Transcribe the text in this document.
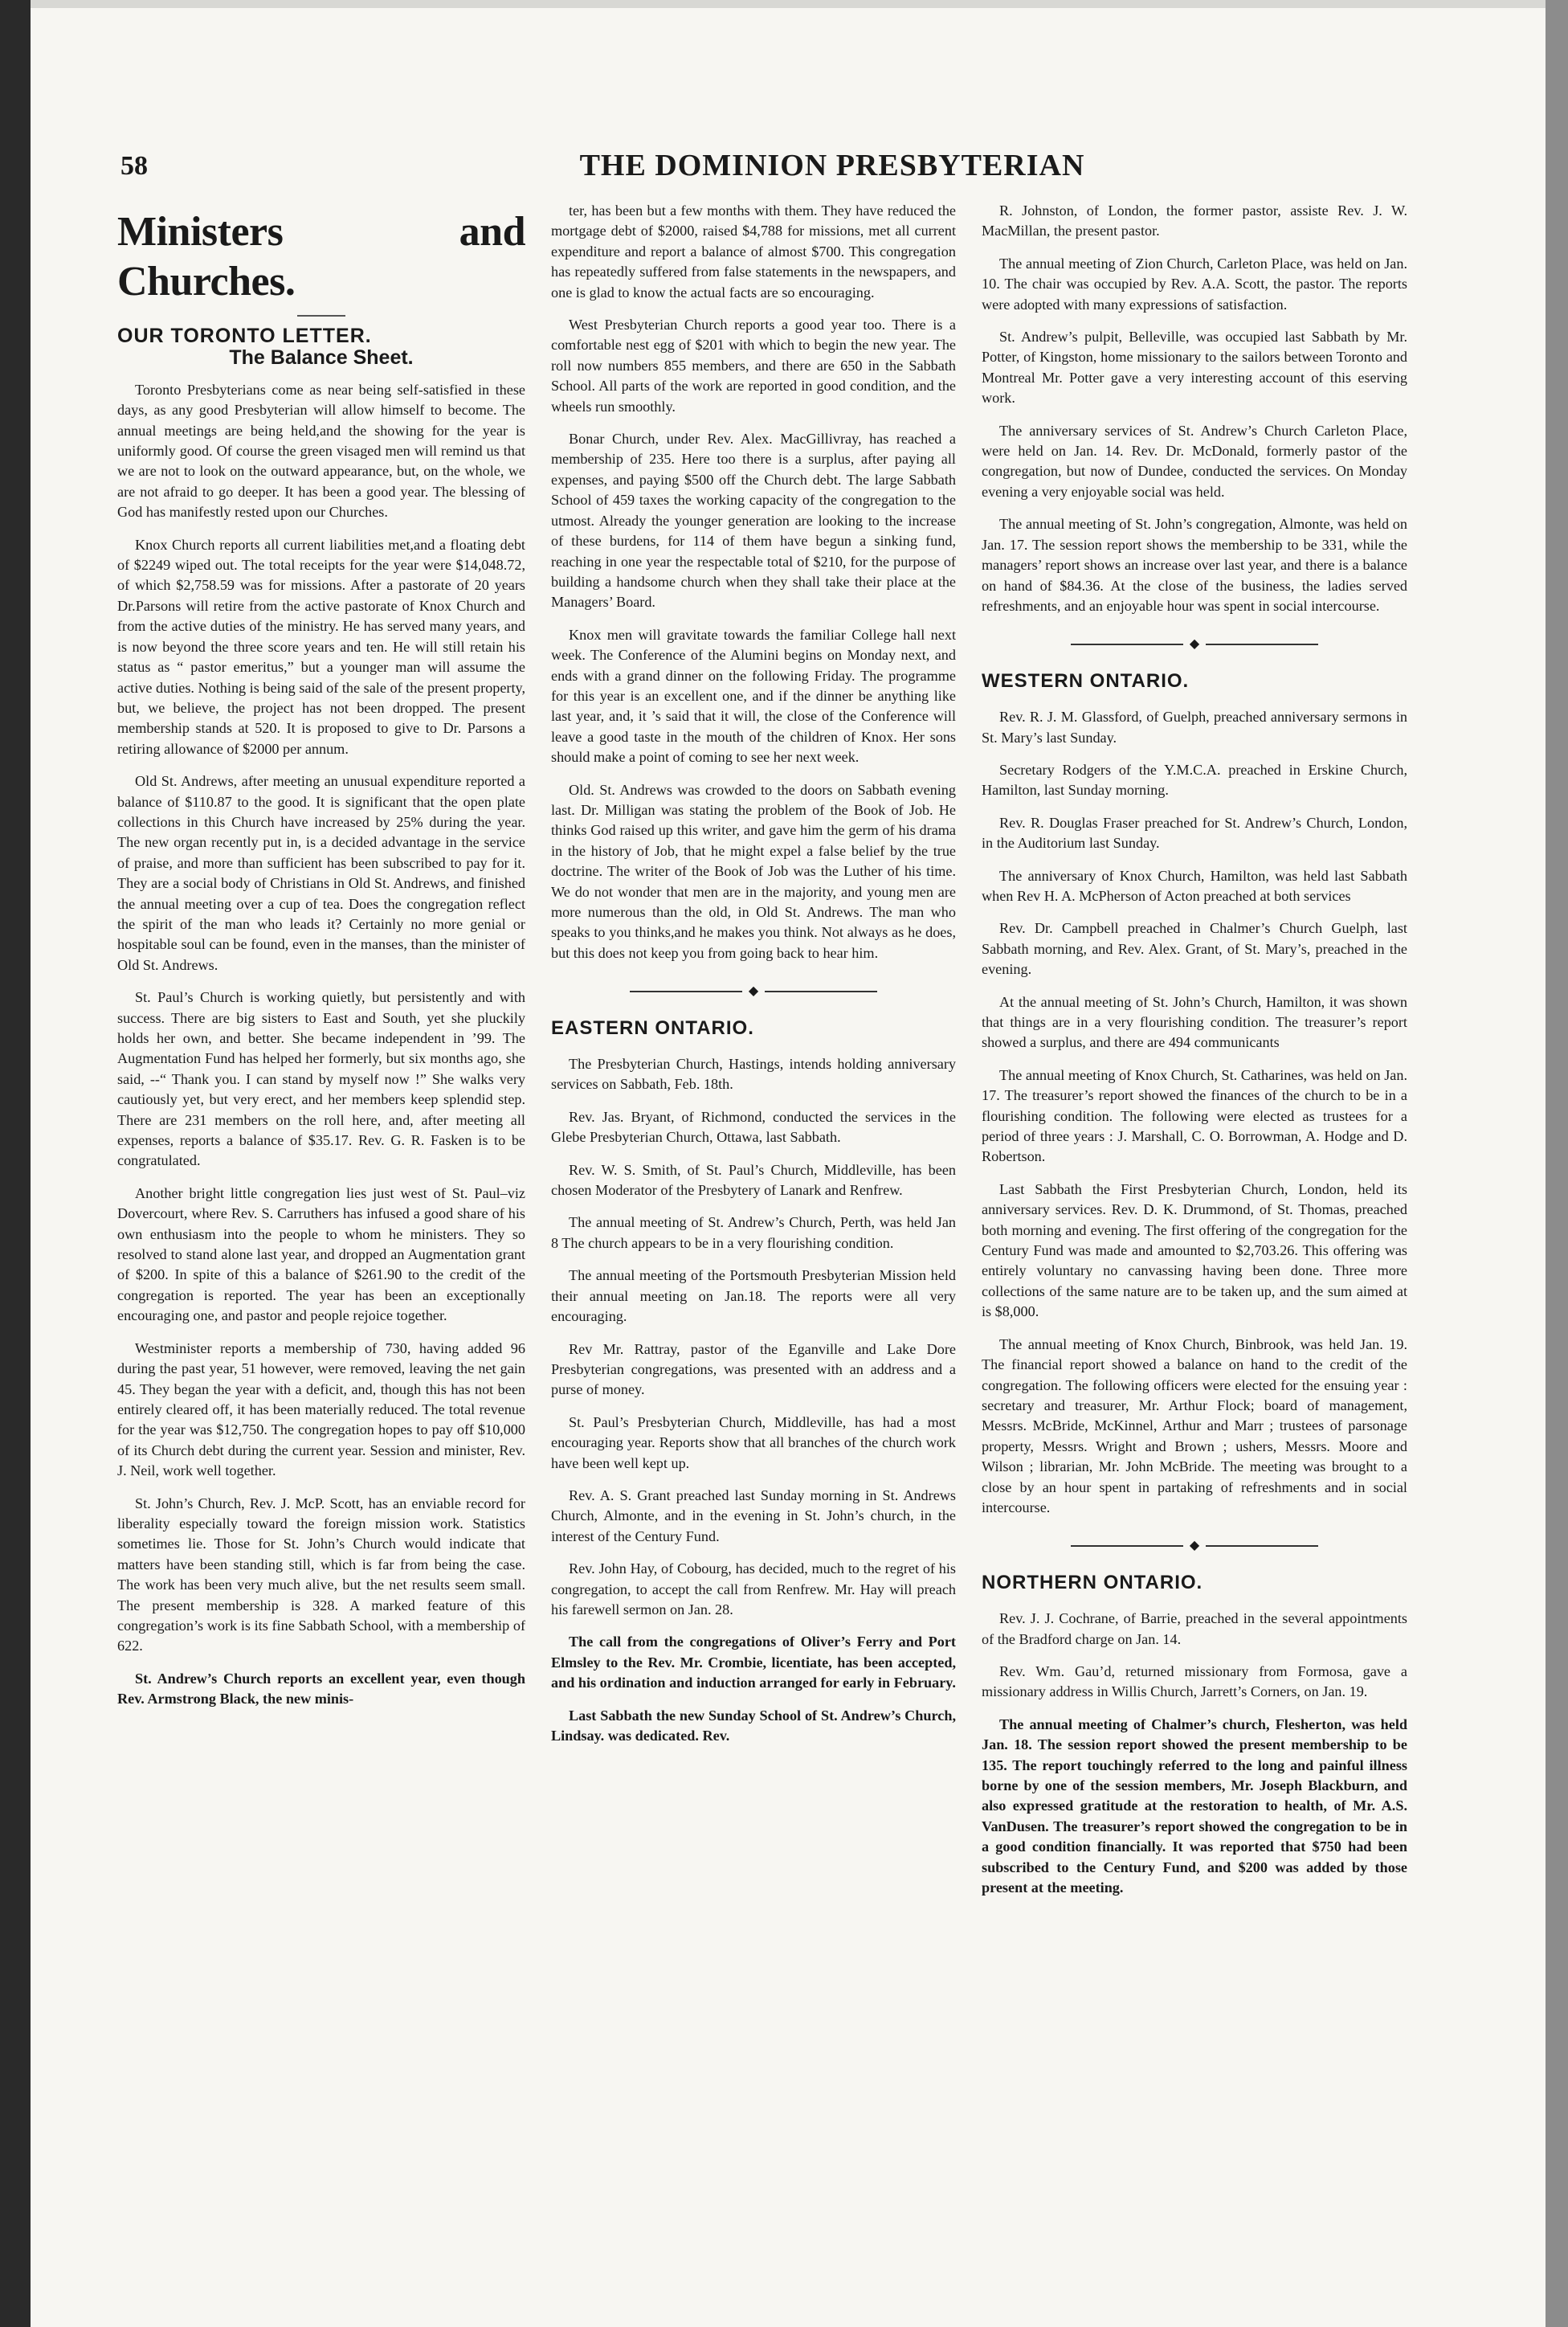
58	THE DOMINION PRESBYTERIAN
Ministers and Churches.
OUR TORONTO LETTER.
The Balance Sheet.

Toronto Presbyterians come as near being self-satisfied in these days, as any good Presbyterian will allow himself to become. The annual meetings are being held,and the showing for the year is uniformly good. Of course the green visaged men will remind us that we are not to look on the outward appearance, but, on the whole, we are not afraid to go deeper. It has been a good year. The blessing of God has manifestly rested upon our Churches.

Knox Church reports all current liabilities met,and a floating debt of $2249 wiped out. The total receipts for the year were $14,048.72, of which $2,758.59 was for missions. After a pastorate of 20 years Dr.Parsons will retire from the active pastorate of Knox Church and from the active duties of the ministry. He has served many years, and is now beyond the three score years and ten. He will still retain his status as “ pastor emeritus,” but a younger man will assume the active duties. Nothing is being said of the sale of the present property, but, we believe, the project has not been dropped. The present membership stands at 520. It is proposed to give to Dr. Parsons a retiring allowance of $2000 per annum.

Old St. Andrews, after meeting an unusual expenditure reported a balance of $110.87 to the good. It is significant that the open plate collections in this Church have increased by 25% during the year. The new organ recently put in, is a decided advantage in the service of praise, and more than sufficient has been subscribed to pay for it. They are a social body of Christians in Old St. Andrews, and finished the annual meeting over a cup of tea. Does the congregation reflect the spirit of the man who leads it? Certainly no more genial or hospitable soul can be found, even in the manses, than the minister of Old St. Andrews.

St. Paul’s Church is working quietly, but persistently and with success. There are big sisters to East and South, yet she pluckily holds her own, and better. She became independent in ’99. The Augmentation Fund has helped her formerly, but six months ago, she said, --“ Thank you. I can stand by myself now !” She walks very cautiously yet, but very erect, and her members keep splendid step. There are 231 members on the roll here, and, after meeting all expenses, reports a balance of $35.17. Rev. G. R. Fasken is to be congratulated.

Another bright little congregation lies just west of St. Paul–viz Dovercourt, where Rev. S. Carruthers has infused a good share of his own enthusiasm into the people to whom he ministers. They so resolved to stand alone last year, and dropped an Augmentation grant of $200. In spite of this a balance of $261.90 to the credit of the congregation is reported. The year has been an exceptionally encouraging one, and pastor and people rejoice together.

Westminister reports a membership of 730, having added 96 during the past year, 51 however, were removed, leaving the net gain 45. They began the year with a deficit, and, though this has not been entirely cleared off, it has been materially reduced. The total revenue for the year was $12,750. The congregation hopes to pay off $10,000 of its Church debt during the current year. Session and minister, Rev. J. Neil, work well together.

St. John’s Church, Rev. J. McP. Scott, has an enviable record for liberality especially toward the foreign mission work. Statistics sometimes lie. Those for St. John’s Church would indicate that matters have been standing still, which is far from being the case. The work has been very much alive, but the net results seem small. The present membership is 328. A marked feature of this congregation’s work is its fine Sabbath School, with a membership of 622.

St. Andrew’s Church reports an excellent year, even though Rev. Armstrong Black, the new minis-

ter, has been but a few months with them. They have reduced the mortgage debt of $2000, raised $4,788 for missions, met all current expenditure and report a balance of almost $700. This congregation has repeatedly suffered from false statements in the newspapers, and one is glad to know the actual facts are so encouraging.

West Presbyterian Church reports a good year too. There is a comfortable nest egg of $201 with which to begin the new year. The roll now numbers 855 members, and there are 650 in the Sabbath School. All parts of the work are reported in good condition, and the wheels run smoothly.

Bonar Church, under Rev. Alex. MacGillivray, has reached a membership of 235. Here too there is a surplus, after paying all expenses, and paying $500 off the Church debt. The large Sabbath School of 459 taxes the working capacity of the congregation to the utmost. Already the younger generation are looking to the increase of these burdens, for 114 of them have begun a sinking fund, reaching in one year the respectable total of $210, for the purpose of building a handsome church when they shall take their place at the Managers’ Board.

Knox men will gravitate towards the familiar College hall next week. The Conference of the Alumini begins on Monday next, and ends with a grand dinner on the following Friday. The programme for this year is an excellent one, and if the dinner be anything like last year, and, it ’s said that it will, the close of the Conference will leave a good taste in the mouth of the children of Knox. Her sons should make a point of coming to see her next week.

Old. St. Andrews was crowded to the doors on Sabbath evening last. Dr. Milligan was stating the problem of the Book of Job. He thinks God raised up this writer, and gave him the germ of his drama in the history of Job, that he might expel a false belief by the true doctrine. The writer of the Book of Job was the Luther of his time. We do not wonder that men are in the majority, and young men are more numerous than the old, in Old St. Andrews. The man who speaks to you thinks,and he makes you think. Not always as he does, but this does not keep you from going back to hear him.

◆
EASTERN ONTARIO.

The Presbyterian Church, Hastings, intends holding anniversary services on Sabbath, Feb. 18th.

Rev. Jas. Bryant, of Richmond, conducted the services in the Glebe Presbyterian Church, Ottawa, last Sabbath.

Rev. W. S. Smith, of St. Paul’s Church, Middleville, has been chosen Moderator of the Presbytery of Lanark and Renfrew.

The annual meeting of St. Andrew’s Church, Perth, was held Jan 8 The church appears to be in a very flourishing condition.

The annual meeting of the Portsmouth Presbyterian Mission held their annual meeting on Jan.18. The reports were all very encouraging.

Rev Mr. Rattray, pastor of the Eganville and Lake Dore Presbyterian congregations, was presented with an address and a purse of money.

St. Paul’s Presbyterian Church, Middleville, has had a most encouraging year. Reports show that all branches of the church work have been well kept up.

Rev. A. S. Grant preached last Sunday morning in St. Andrews Church, Almonte, and in the evening in St. John’s church, in the interest of the Century Fund.

Rev. John Hay, of Cobourg, has decided, much to the regret of his congregation, to accept the call from Renfrew. Mr. Hay will preach his farewell sermon on Jan. 28.

The call from the congregations of Oliver’s Ferry and Port Elmsley to the Rev. Mr. Crombie, licentiate, has been accepted, and his ordination and induction arranged for early in February.

Last Sabbath the new Sunday School of St. Andrew’s Church, Lindsay. was dedicated. Rev.

R. Johnston, of London, the former pastor, assiste Rev. J. W. MacMillan, the present pastor.

The annual meeting of Zion Church, Carleton Place, was held on Jan. 10. The chair was occupied by Rev. A.A. Scott, the pastor. The reports were adopted with many expressions of satisfaction.

St. Andrew’s pulpit, Belleville, was occupied last Sabbath by Mr. Potter, of Kingston, home missionary to the sailors between Toronto and Montreal Mr. Potter gave a very interesting account of this eserving work.

The anniversary services of St. Andrew’s Church Carleton Place, were held on Jan. 14. Rev. Dr. McDonald, formerly pastor of the congregation, but now of Dundee, conducted the services. On Monday evening a very enjoyable social was held.

The annual meeting of St. John’s congregation, Almonte, was held on Jan. 17. The session report shows the membership to be 331, while the managers’ report shows an increase over last year, and there is a balance on hand of $84.36. At the close of the business, the ladies served refreshments, and an enjoyable hour was spent in social intercourse.

◆
WESTERN ONTARIO.

Rev. R. J. M. Glassford, of Guelph, preached anniversary sermons in St. Mary’s last Sunday.

Secretary Rodgers of the Y.M.C.A. preached in Erskine Church, Hamilton, last Sunday morning.

Rev. R. Douglas Fraser preached for St. Andrew’s Church, London, in the Auditorium last Sunday.

The anniversary of Knox Church, Hamilton, was held last Sabbath when Rev H. A. McPherson of Acton preached at both services

Rev. Dr. Campbell preached in Chalmer’s Church Guelph, last Sabbath morning, and Rev. Alex. Grant, of St. Mary’s, preached in the evening.

At the annual meeting of St. John’s Church, Hamilton, it was shown that things are in a very flourishing condition. The treasurer’s report showed a surplus, and there are 494 communicants

The annual meeting of Knox Church, St. Catharines, was held on Jan. 17. The treasurer’s report showed the finances of the church to be in a flourishing condition. The following were elected as trustees for a period of three years : J. Marshall, C. O. Borrowman, A. Hodge and D. Robertson.

Last Sabbath the First Presbyterian Church, London, held its anniversary services. Rev. D. K. Drummond, of St. Thomas, preached both morning and evening. The first offering of the congregation for the Century Fund was made and amounted to $2,703.26. This offering was entirely voluntary no canvassing having been done. Three more collections of the same nature are to be taken up, and the sum aimed at is $8,000.

The annual meeting of Knox Church, Binbrook, was held Jan. 19. The financial report showed a balance on hand to the credit of the congregation. The following officers were elected for the ensuing year : secretary and treasurer, Mr. Arthur Flock; board of management, Messrs. McBride, McKinnel, Arthur and Marr ; trustees of parsonage property, Messrs. Wright and Brown ; ushers, Messrs. Moore and Wilson ; librarian, Mr. John McBride. The meeting was brought to a close by an hour spent in partaking of refreshments and in social intercourse.

◆
NORTHERN ONTARIO.

Rev. J. J. Cochrane, of Barrie, preached in the several appointments of the Bradford charge on Jan. 14.

Rev. Wm. Gau’d, returned missionary from Formosa, gave a missionary address in Willis Church, Jarrett’s Corners, on Jan. 19.

The annual meeting of Chalmer’s church, Flesherton, was held Jan. 18. The session report showed the present membership to be 135. The report touchingly referred to the long and painful illness borne by one of the session members, Mr. Joseph Blackburn, and also expressed gratitude at the restoration to health, of Mr. A.S. VanDusen. The treasurer’s report showed the congregation to be in a good condition financially. It was reported that $750 had been subscribed to the Century Fund, and $200 was added by those present at the meeting.
